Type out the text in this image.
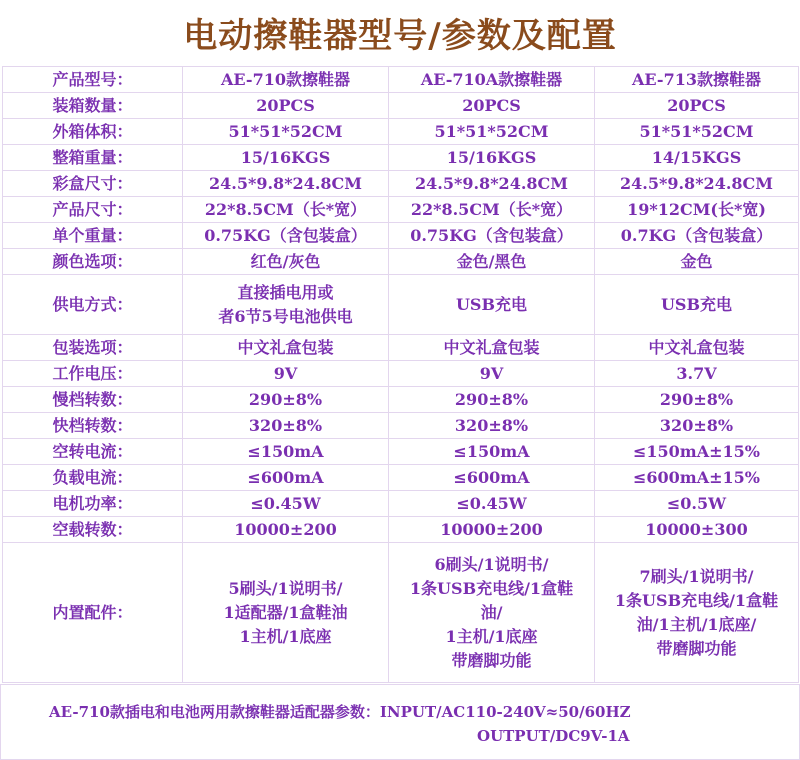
电动擦鞋器型号/参数及配置
产品型号：	AE-710款擦鞋器	AE-710A款擦鞋器	AE-713款擦鞋器
装箱数量：	20PCS	20PCS	20PCS
外箱体积：	51*51*52CM	51*51*52CM	51*51*52CM
整箱重量：	15/16KGS	15/16KGS	14/15KGS
彩盒尺寸：	24.5*9.8*24.8CM	24.5*9.8*24.8CM	24.5*9.8*24.8CM
产品尺寸：	22*8.5CM（长*宽）	22*8.5CM（长*宽）	19*12CM(长*宽)
单个重量：	0.75KG（含包装盒）	0.75KG（含包装盒）	0.7KG（含包装盒）
颜色选项：	红色/灰色	金色/黑色	金色
供电方式：	直接插电用或
者6节5号电池供电	USB充电	USB充电
包装选项：	中文礼盒包装	中文礼盒包装	中文礼盒包装
工作电压：	9V	9V	3.7V
慢档转数：	290±8%	290±8%	290±8%
快档转数：	320±8%	320±8%	320±8%
空转电流：	≤150mA	≤150mA	≤150mA±15%
负载电流：	≤600mA	≤600mA	≤600mA±15%
电机功率：	≤0.45W	≤0.45W	≤0.5W
空载转数：	10000±200	10000±200	10000±300
内置配件：	5刷头/1说明书/
1适配器/1盒鞋油
1主机/1底座	6刷头/1说明书/
1条USB充电线/1盒鞋
油/
1主机/1底座
带磨脚功能	7刷头/1说明书/
1条USB充电线/1盒鞋
油/1主机/1底座/
带磨脚功能
AE-710款插电和电池两用款擦鞋器适配器参数：INPUT/AC110-240V≈50/60HZ
OUTPUT/DC9V-1A
